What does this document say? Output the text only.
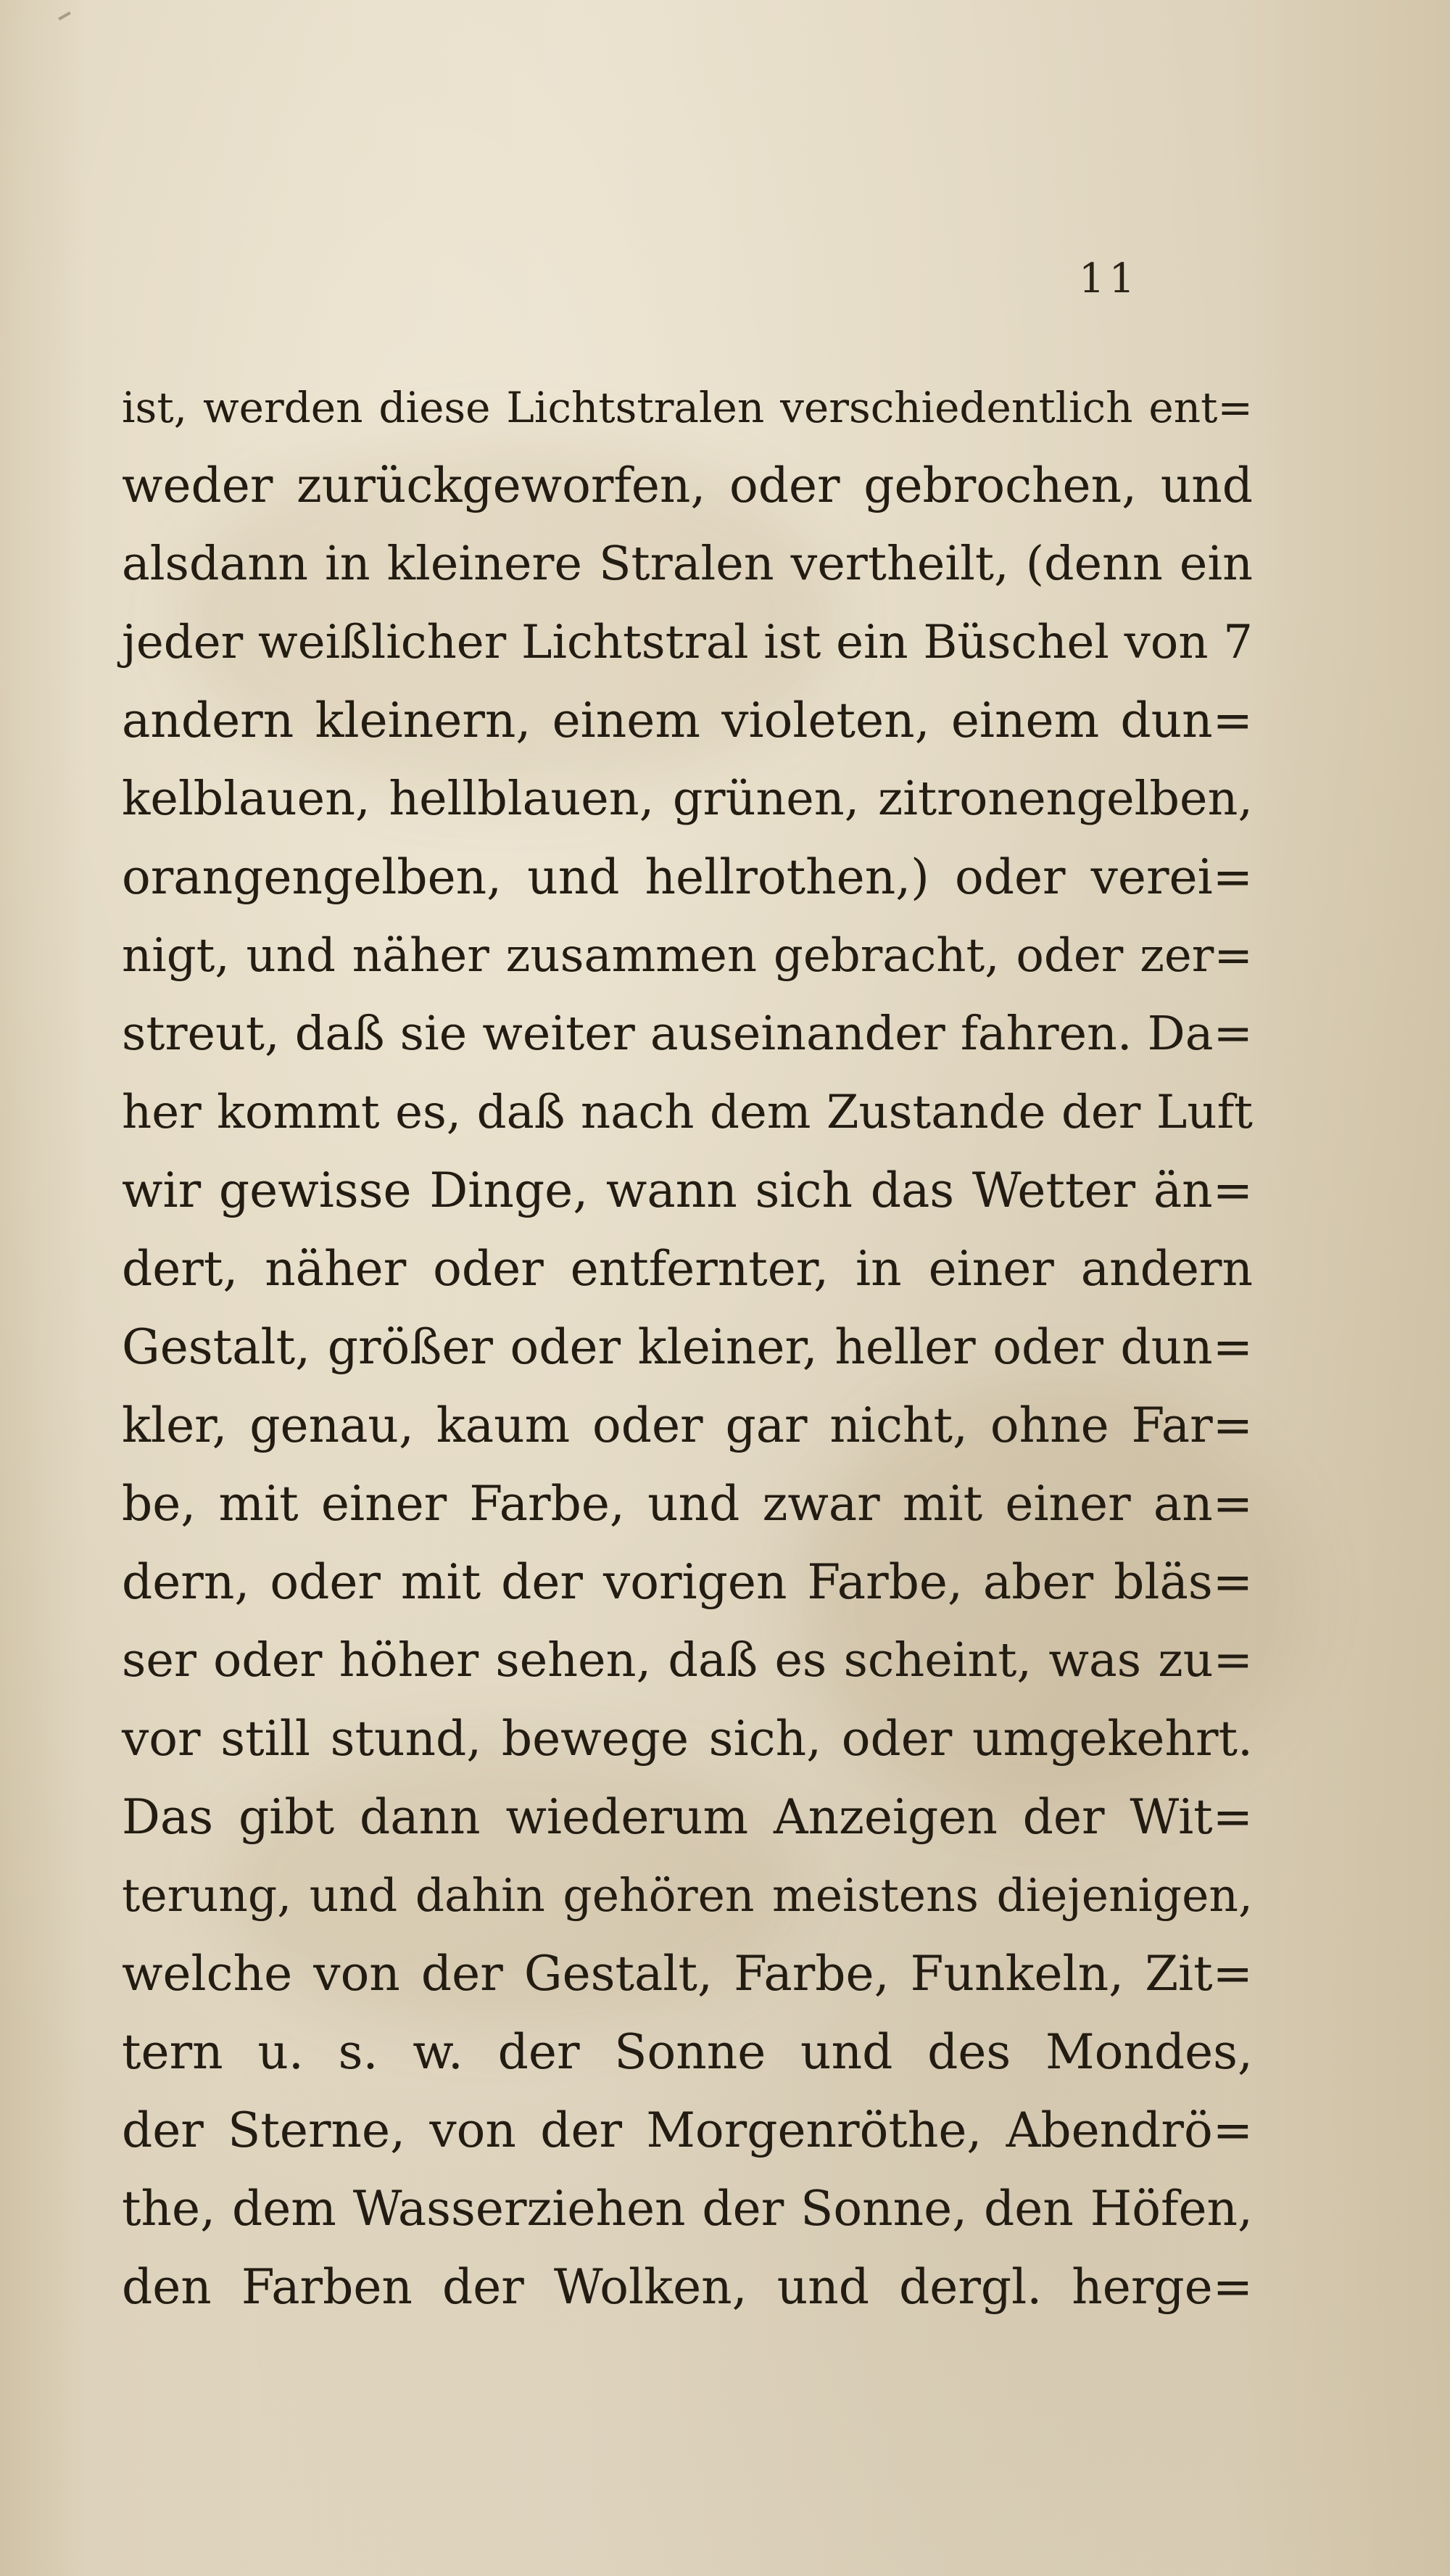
11
ist, werden diese Lichtstralen verschiedentlich ent=
weder zurückgeworfen, oder gebrochen, und
alsdann in kleinere Stralen vertheilt, (denn ein
jeder weißlicher Lichtstral ist ein Büschel von 7
andern kleinern, einem violeten, einem dun=
kelblauen, hellblauen, grünen, zitronengelben,
orangengelben, und hellrothen,) oder verei=
nigt, und näher zusammen gebracht, oder zer=
streut, daß sie weiter auseinander fahren. Da=
her kommt es, daß nach dem Zustande der Luft
wir gewisse Dinge, wann sich das Wetter än=
dert, näher oder entfernter, in einer andern
Gestalt, größer oder kleiner, heller oder dun=
kler, genau, kaum oder gar nicht, ohne Far=
be, mit einer Farbe, und zwar mit einer an=
dern, oder mit der vorigen Farbe, aber bläs=
ser oder höher sehen, daß es scheint, was zu=
vor still stund, bewege sich, oder umgekehrt.
Das gibt dann wiederum Anzeigen der Wit=
terung, und dahin gehören meistens diejenigen,
welche von der Gestalt, Farbe, Funkeln, Zit=
tern u. s. w. der Sonne und des Mondes,
der Sterne, von der Morgenröthe, Abendrö=
the, dem Wasserziehen der Sonne, den Höfen,
den Farben der Wolken, und dergl. herge=
